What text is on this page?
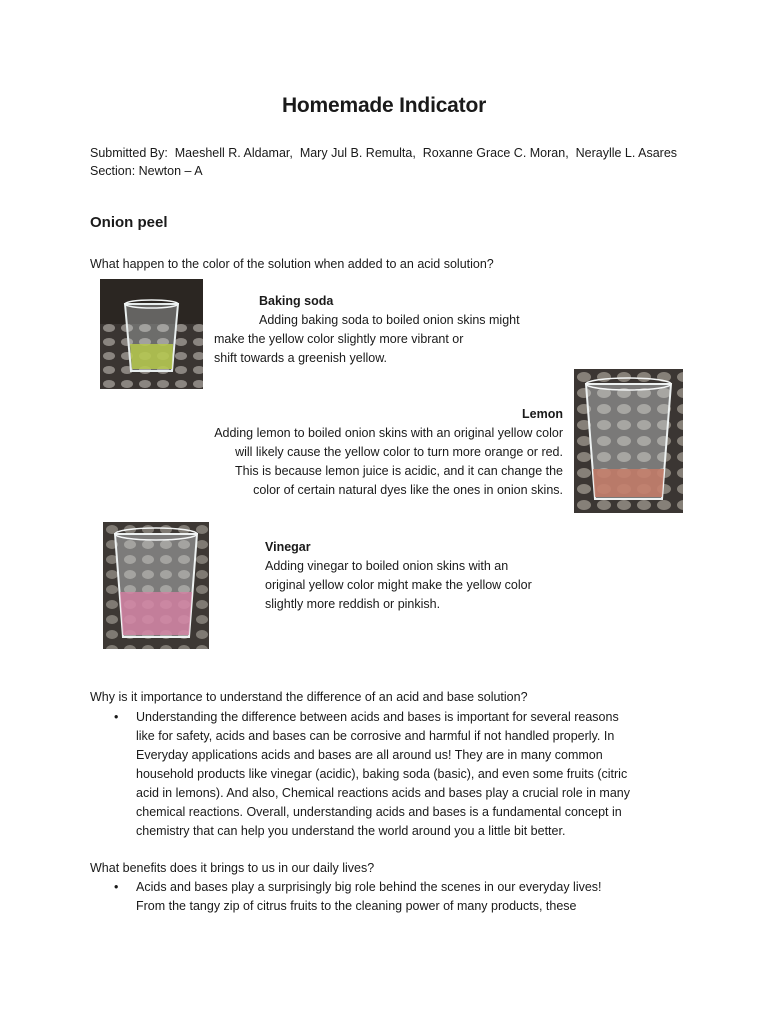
Homemade Indicator
Submitted By:  Maeshell R. Aldamar,  Mary Jul B. Remulta,  Roxanne Grace C. Moran,  Neraylle L. Asares
Section: Newton – A
Onion peel
What happen to the color of the solution when added to an acid solution?
Baking soda
Adding baking soda to boiled onion skins might
make the yellow color slightly more vibrant or
shift towards a greenish yellow.
Lemon
Adding lemon to boiled onion skins with an original yellow color
will likely cause the yellow color to turn more orange or red.
This is because lemon juice is acidic, and it can change the
color of certain natural dyes like the ones in onion skins.
Vinegar
Adding vinegar to boiled onion skins with an
original yellow color might make the yellow color
slightly more reddish or pinkish.
Why is it importance to understand the difference of an acid and base solution?
• Understanding the difference between acids and bases is important for several reasons
like for safety, acids and bases can be corrosive and harmful if not handled properly. In
Everyday applications acids and bases are all around us! They are in many common
household products like vinegar (acidic), baking soda (basic), and even some fruits (citric
acid in lemons). And also, Chemical reactions acids and bases play a crucial role in many
chemical reactions. Overall, understanding acids and bases is a fundamental concept in
chemistry that can help you understand the world around you a little bit better.
What benefits does it brings to us in our daily lives?
• Acids and bases play a surprisingly big role behind the scenes in our everyday lives!
From the tangy zip of citrus fruits to the cleaning power of many products, these
